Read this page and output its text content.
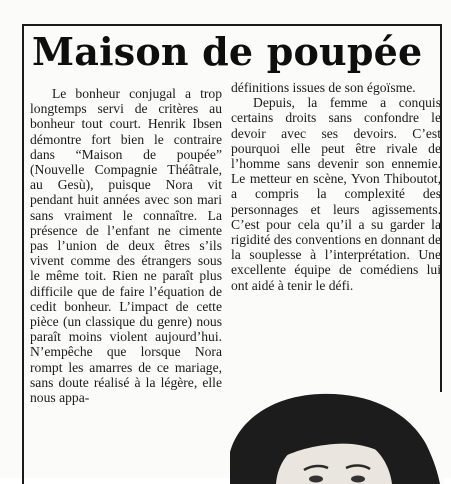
Maison de poupée

Le bonheur conjugal a trop longtemps servi de critères au bonheur tout court. Henrik Ibsen démontre fort bien le contraire dans “Maison de poupée” (Nouvelle Compagnie Théâtrale, au Gesù), puisque Nora vit pendant huit années avec son mari sans vraiment le connaître. La présence de l’enfant ne cimente pas l’union de deux êtres s’ils vivent comme des étrangers sous le même toit. Rien ne paraît plus difficile que de faire l’équation de cedit bonheur. L’impact de cette pièce (un classique du genre) nous paraît moins violent aujourd’hui. N’empêche que lorsque Nora rompt les amarres de ce mariage, sans doute réalisé à la légère, elle nous appa-

définitions issues de son égoïsme.

Depuis, la femme a conquis certains droits sans confondre le devoir avec ses devoirs. C’est pourquoi elle peut être rivale de l’homme sans devenir son ennemie. Le metteur en scène, Yvon Thiboutot, a compris la complexité des personnages et leurs agissements. C’est pour cela qu’il a su garder la rigidité des conventions en donnant de la souplesse à l’interprétation. Une excellente équipe de comédiens lui ont aidé à tenir le défi.
